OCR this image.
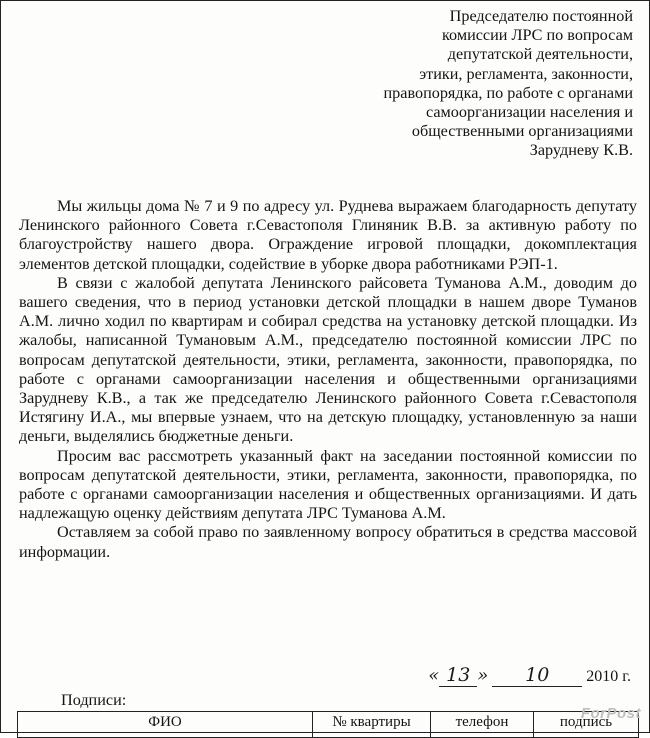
Председателю постоянной
комиссии ЛРС по вопросам
депутатской деятельности,
этики, регламента, законности,
правопорядка, по работе с органами
самоорганизации населения и
общественными организациями
Зарудневу К.В.

Мы жильцы дома № 7 и 9 по адресу ул. Руднева выражаем благодарность депутату Ленинского районного Совета г.Севастополя Глиняник В.В. за активную работу по благоустройству нашего двора. Ограждение игровой площадки, докомплектация элементов детской площадки, содействие в уборке двора работниками РЭП-1.

В связи с жалобой депутата Ленинского райсовета Туманова А.М., доводим до вашего сведения, что в период установки детской площадки в нашем дворе Туманов А.М. лично ходил по квартирам и собирал средства на установку детской площадки. Из жалобы, написанной Тумановым А.М., председателю постоянной комиссии ЛРС по вопросам депутатской деятельности, этики, регламента, законности, правопорядка, по работе с органами самоорганизации населения и общественными организациями Зарудневу К.В., а так же председателю Ленинского районного Совета г.Севастополя Истягину И.А., мы впервые узнаем, что на детскую площадку, установленную за наши деньги, выделялись бюджетные деньги.

Просим вас рассмотреть указанный факт на заседании постоянной комиссии по вопросам депутатской деятельности, этики, регламента, законности, правопорядка, по работе с органами самоорганизации населения и общественных организациями. И дать надлежащую оценку действиям депутата ЛРС Туманова А.М.

Оставляем за собой право по заявленному вопросу обратиться в средства массовой информации.

« 13 » 10 2010 г.
Подписи:
ФИО	№ квартиры	телефон	подпись
ForPost
